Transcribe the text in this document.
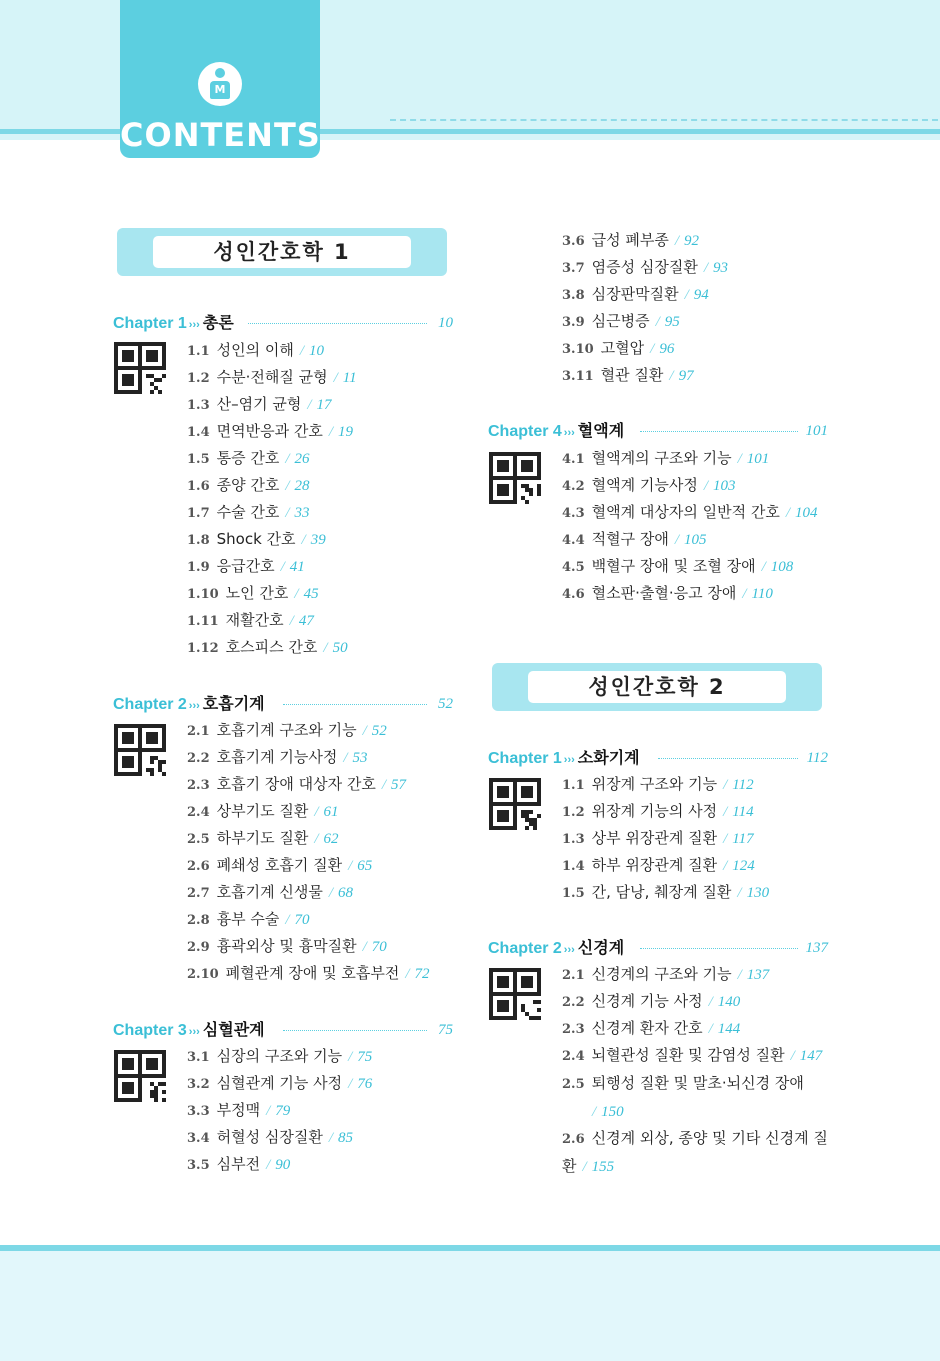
M
CONTENTS
성인간호학 1
성인간호학 2
Chapter 1 ››› 총론	10
1.1 성인의 이해 / 10
1.2 수분·전해질 균형 / 11
1.3 산–염기 균형 / 17
1.4 면역반응과 간호 / 19
1.5 통증 간호 / 26
1.6 종양 간호 / 28
1.7 수술 간호 / 33
1.8 Shock 간호 / 39
1.9 응급간호 / 41
1.10 노인 간호 / 45
1.11 재활간호 / 47
1.12 호스피스 간호 / 50
Chapter 2 ››› 호흡기계	52
2.1 호흡기계 구조와 기능 / 52
2.2 호흡기계 기능사정 / 53
2.3 호흡기 장애 대상자 간호 / 57
2.4 상부기도 질환 / 61
2.5 하부기도 질환 / 62
2.6 폐쇄성 호흡기 질환 / 65
2.7 호흡기계 신생물 / 68
2.8 흉부 수술 / 70
2.9 흉곽외상 및 흉막질환 / 70
2.10 폐혈관계 장애 및 호흡부전 / 72
Chapter 3 ››› 심혈관계	75
3.1 심장의 구조와 기능 / 75
3.2 심혈관계 기능 사정 / 76
3.3 부정맥 / 79
3.4 허혈성 심장질환 / 85
3.5 심부전 / 90
3.6 급성 폐부종 / 92
3.7 염증성 심장질환 / 93
3.8 심장판막질환 / 94
3.9 심근병증 / 95
3.10 고혈압 / 96
3.11 혈관 질환 / 97
Chapter 4 ››› 혈액계	101
4.1 혈액계의 구조와 기능 / 101
4.2 혈액계 기능사정 / 103
4.3 혈액계 대상자의 일반적 간호 / 104
4.4 적혈구 장애 / 105
4.5 백혈구 장애 및 조혈 장애 / 108
4.6 혈소판·출혈·응고 장애 / 110
Chapter 1 ››› 소화기계	112
1.1 위장계 구조와 기능 / 112
1.2 위장계 기능의 사정 / 114
1.3 상부 위장관계 질환 / 117
1.4 하부 위장관계 질환 / 124
1.5 간, 담낭, 췌장계 질환 / 130
Chapter 2 ››› 신경계	137
2.1 신경계의 구조와 기능 / 137
2.2 신경계 기능 사정 / 140
2.3 신경계 환자 간호 / 144
2.4 뇌혈관성 질환 및 감염성 질환 / 147
2.5 퇴행성 질환 및 말초·뇌신경 장애
/ 150
2.6 신경계 외상, 종양 및 기타 신경계 질환 / 155
